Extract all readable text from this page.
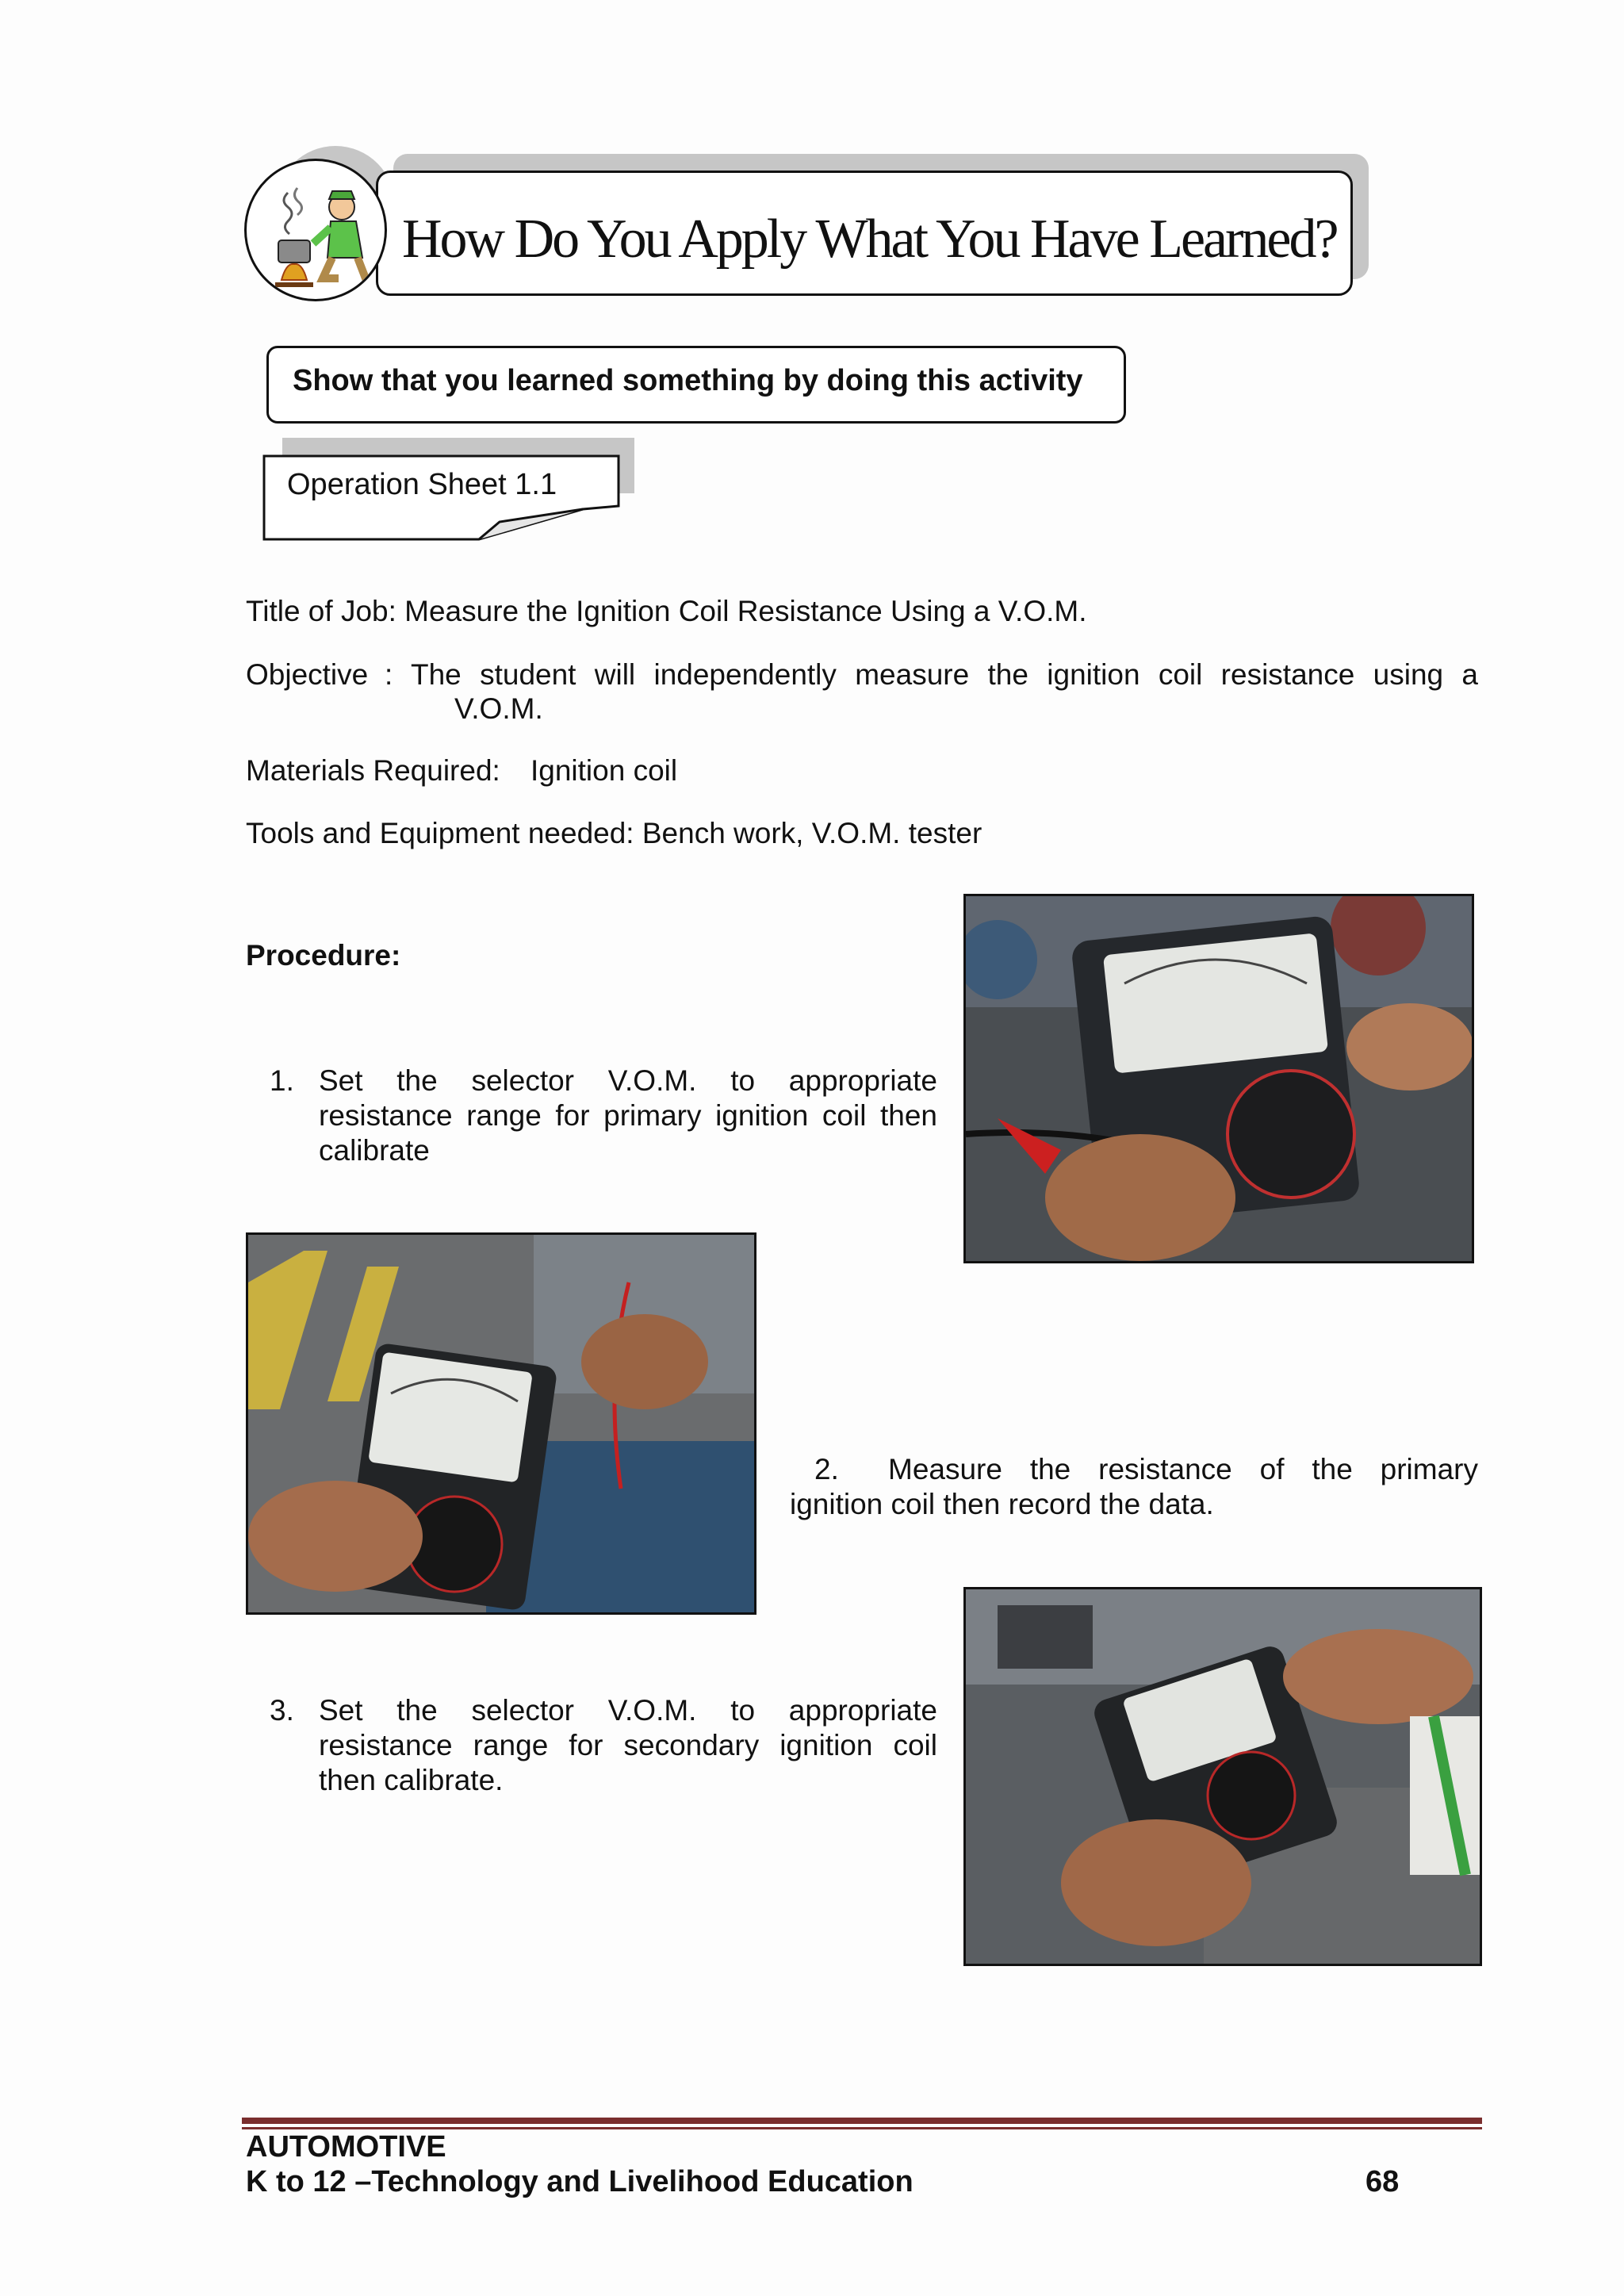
How Do You Apply What You Have Learned?
Show that you learned something by doing this activity
Operation Sheet 1.1
Title of Job: Measure the Ignition Coil Resistance Using a V.O.M.
Objective : The student will independently measure the ignition coil resistance using a
V.O.M.
Materials Required: Ignition coil
Tools and Equipment needed: Bench work, V.O.M. tester
Procedure:
1. Set the selector V.O.M. to appropriate
resistance range for primary ignition coil then
calibrate
2. Measure the resistance of the primary
ignition coil then record the data.
3. Set the selector V.O.M. to appropriate
resistance range for secondary ignition coil
then calibrate.
AUTOMOTIVE
K to 12 –Technology and Livelihood Education	68
